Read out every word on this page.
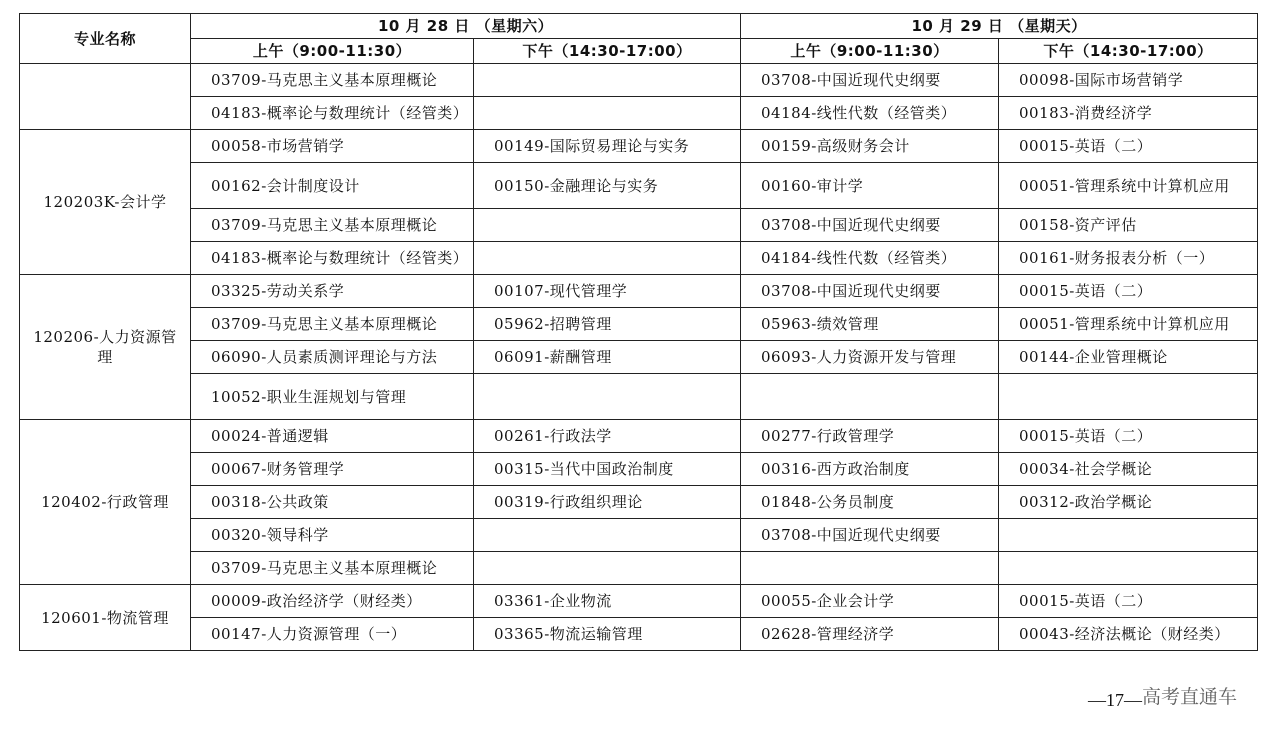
专业名称	10 月 28 日 （星期六）		10 月 29 日 （星期天）	
	上午（9:00-11:30）	下午（14:30-17:00）	上午（9:00-11:30）	下午（14:30-17:00）
	03709-马克思主义基本原理概论		03708-中国近现代史纲要	00098-国际市场营销学
	04183-概率论与数理统计（经管类）		04184-线性代数（经管类）	00183-消费经济学
120203K-会计学	00058-市场营销学	00149-国际贸易理论与实务	00159-高级财务会计	00015-英语（二）
	00162-会计制度设计	00150-金融理论与实务	00160-审计学	00051-管理系统中计算机应用
	03709-马克思主义基本原理概论		03708-中国近现代史纲要	00158-资产评估
	04183-概率论与数理统计（经管类）		04184-线性代数（经管类）	00161-财务报表分析（一）
120206-人力资源管理	03325-劳动关系学	00107-现代管理学	03708-中国近现代史纲要	00015-英语（二）
	03709-马克思主义基本原理概论	05962-招聘管理	05963-绩效管理	00051-管理系统中计算机应用
	06090-人员素质测评理论与方法	06091-薪酬管理	06093-人力资源开发与管理	00144-企业管理概论
	10052-职业生涯规划与管理			
120402-行政管理	00024-普通逻辑	00261-行政法学	00277-行政管理学	00015-英语（二）
	00067-财务管理学	00315-当代中国政治制度	00316-西方政治制度	00034-社会学概论
	00318-公共政策	00319-行政组织理论	01848-公务员制度	00312-政治学概论
	00320-领导科学		03708-中国近现代史纲要	
	03709-马克思主义基本原理概论			
120601-物流管理	00009-政治经济学（财经类）	03361-企业物流	00055-企业会计学	00015-英语（二）
	00147-人力资源管理（一）	03365-物流运输管理	02628-管理经济学	00043-经济法概论（财经类）
—17— 高考直通车
